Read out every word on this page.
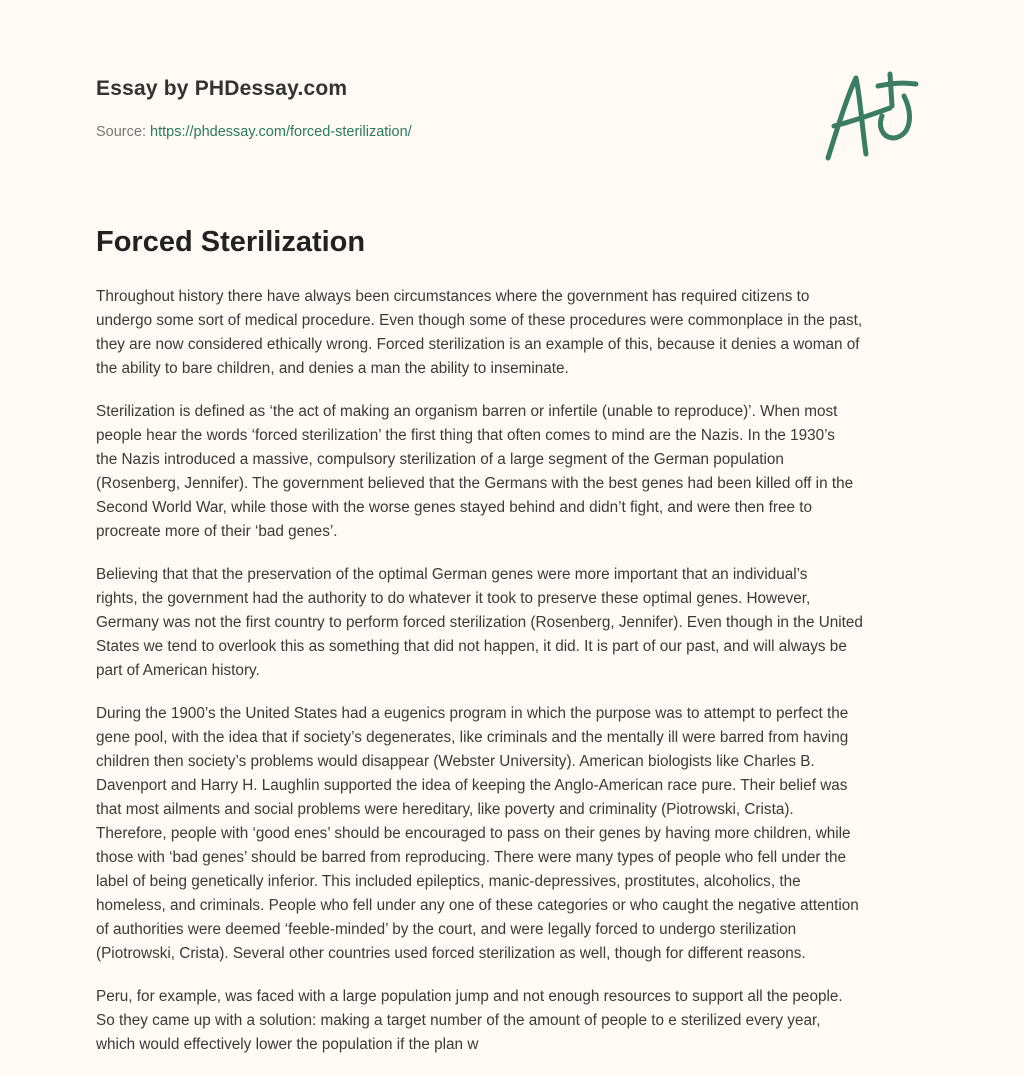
Essay by PHDessay.com
Source: https://phdessay.com/forced-sterilization/
Forced Sterilization

Throughout history there have always been circumstances where the government has required citizens to
undergo some sort of medical procedure. Even though some of these procedures were commonplace in the past,
they are now considered ethically wrong. Forced sterilization is an example of this, because it denies a woman of
the ability to bare children, and denies a man the ability to inseminate.

Sterilization is defined as ‘the act of making an organism barren or infertile (unable to reproduce)’. When most
people hear the words ‘forced sterilization’ the first thing that often comes to mind are the Nazis. In the 1930’s
the Nazis introduced a massive, compulsory sterilization of a large segment of the German population
(Rosenberg, Jennifer). The government believed that the Germans with the best genes had been killed off in the
Second World War, while those with the worse genes stayed behind and didn’t fight, and were then free to
procreate more of their ‘bad genes’.

Believing that that the preservation of the optimal German genes were more important that an individual’s
rights, the government had the authority to do whatever it took to preserve these optimal genes. However,
Germany was not the first country to perform forced sterilization (Rosenberg, Jennifer). Even though in the United
States we tend to overlook this as something that did not happen, it did. It is part of our past, and will always be
part of American history.

During the 1900’s the United States had a eugenics program in which the purpose was to attempt to perfect the
gene pool, with the idea that if society’s degenerates, like criminals and the mentally ill were barred from having
children then society’s problems would disappear (Webster University). American biologists like Charles B.
Davenport and Harry H. Laughlin supported the idea of keeping the Anglo-American race pure. Their belief was
that most ailments and social problems were hereditary, like poverty and criminality (Piotrowski, Crista).
Therefore, people with ‘good enes’ should be encouraged to pass on their genes by having more children, while
those with ‘bad genes’ should be barred from reproducing. There were many types of people who fell under the
label of being genetically inferior. This included epileptics, manic-depressives, prostitutes, alcoholics, the
homeless, and criminals. People who fell under any one of these categories or who caught the negative attention
of authorities were deemed ‘feeble-minded’ by the court, and were legally forced to undergo sterilization
(Piotrowski, Crista). Several other countries used forced sterilization as well, though for different reasons.

Peru, for example, was faced with a large population jump and not enough resources to support all the people.
So they came up with a solution: making a target number of the amount of people to e sterilized every year,
which would effectively lower the population if the plan w
